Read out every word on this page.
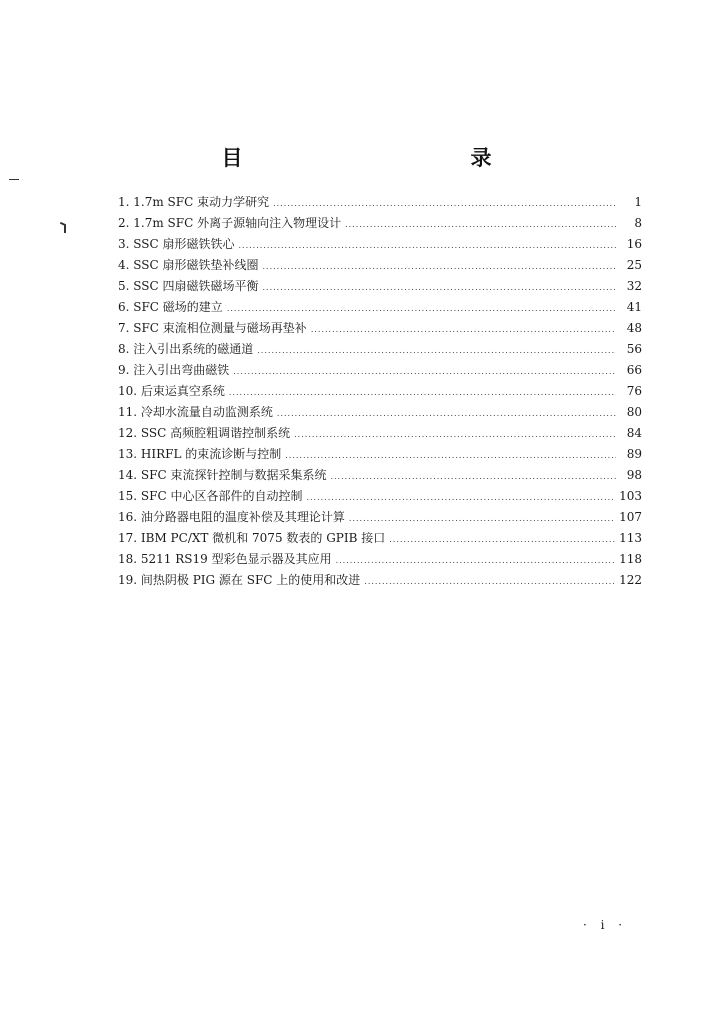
目　　录
1. 1.7m SFC 束动力学研究 .....	1
2. 1.7m SFC 外离子源轴向注入物理设计 .....	8
3. SSC 扇形磁铁铁心 .....	16
4. SSC 扇形磁铁垫补线圈 .....	25
5. SSC 四扇磁铁磁场平衡 .....	32
6. SFC 磁场的建立 .....	41
7. SFC 束流相位测量与磁场再垫补 .....	48
8. 注入引出系统的磁通道 .....	56
9. 注入引出弯曲磁铁 .....	66
10. 后束运真空系统 .....	76
11. 冷却水流量自动监测系统 .....	80
12. SSC 高频腔粗调谐控制系统 .....	84
13. HIRFL 的束流诊断与控制 .....	89
14. SFC 束流探针控制与数据采集系统 .....	98
15. SFC 中心区各部件的自动控制 .....	103
16. 油分路器电阻的温度补偿及其理论计算 .....	107
17. IBM PC/XT 微机和 7075 数表的 GPIB 接口 .....	113
18. 5211 RS19 型彩色显示器及其应用 .....	118
19. 间热阴极 PIG 源在 SFC 上的使用和改进 .....	122
· i ·
